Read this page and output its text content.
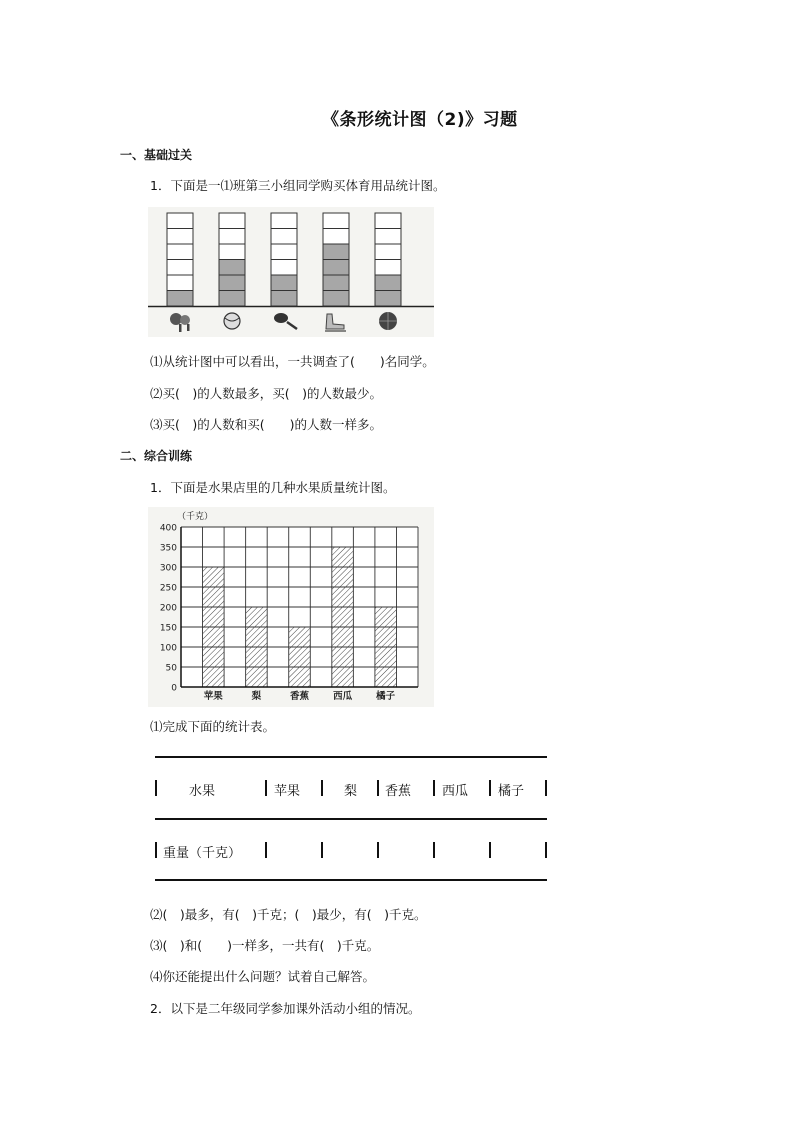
《条形统计图（2)》习题
一、基础过关
1．下面是一⑴班第三小组同学购买体育用品统计图。
⑴从统计图中可以看出，一共调查了(　　)名同学。
⑵买(　)的人数最多，买(　)的人数最少。
⑶买(　)的人数和买(　　)的人数一样多。
二、综合训练
1．下面是水果店里的几种水果质量统计图。
0
50
100
150
200
250
300
350
400
（千克）
苹果	梨	香蕉	西瓜	橘子
⑴完成下面的统计表。
水果	苹果	梨 香蕉 西瓜 橘子
重量（千克）
⑵(　)最多，有(　)千克；(　)最少，有(　)千克。
⑶(　)和(　　)一样多，一共有(　)千克。
⑷你还能提出什么问题？试着自己解答。
2．以下是二年级同学参加课外活动小组的情况。
